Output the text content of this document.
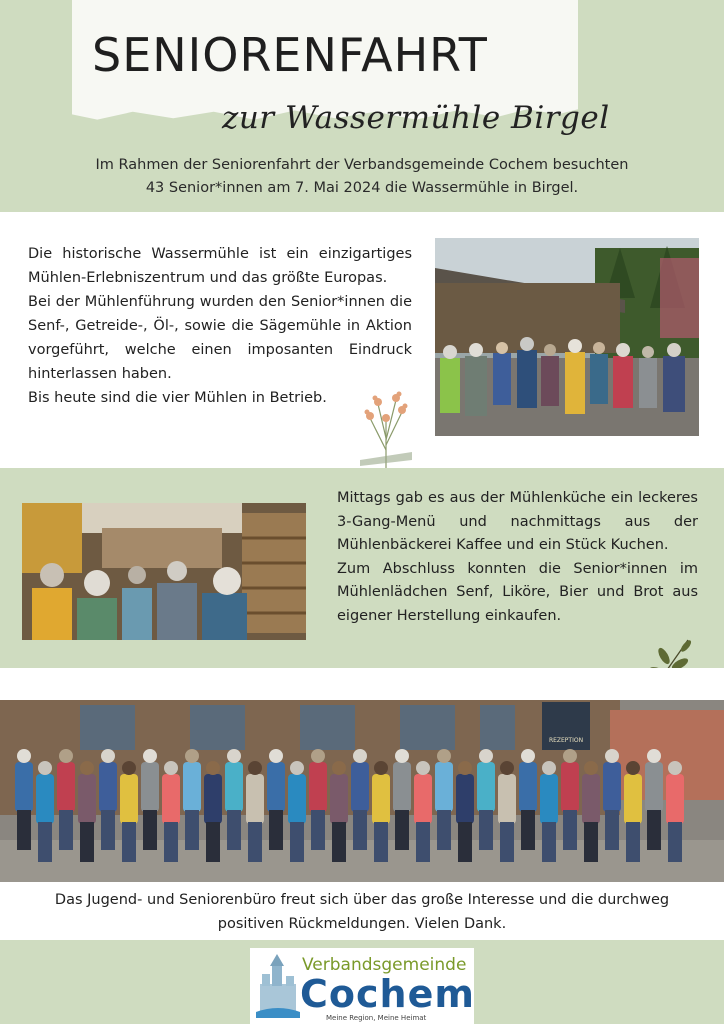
SENIORENFAHRT
zur Wassermühle Birgel
Im Rahmen der Seniorenfahrt der Verbandsgemeinde Cochem besuchten
43 Senior*innen am 7. Mai 2024 die Wassermühle in Birgel.

Die historische Wassermühle ist ein einzigartiges Mühlen-Erlebniszentrum und das größte Europas.

Bei der Mühlenführung wurden den Senior*innen die Senf-, Getreide-, Öl-, sowie die Sägemühle in Aktion vorgeführt, welche einen imposanten Eindruck hinterlassen haben.

Bis heute sind die vier Mühlen in Betrieb.

Mittags gab es aus der Mühlenküche ein leckeres 3-Gang-Menü und nachmittags aus der Mühlenbäckerei Kaffee und ein Stück Kuchen.

Zum Abschluss konnten die Senior*innen im Mühlenlädchen Senf, Liköre, Bier und Brot aus eigener Herstellung einkaufen.

REZEPTION
Das Jugend- und Seniorenbüro freut sich über das große Interesse und die durchweg
positiven Rückmeldungen. Vielen Dank.
Verbandsgemeinde
Cochem
Meine Region, Meine Heimat
